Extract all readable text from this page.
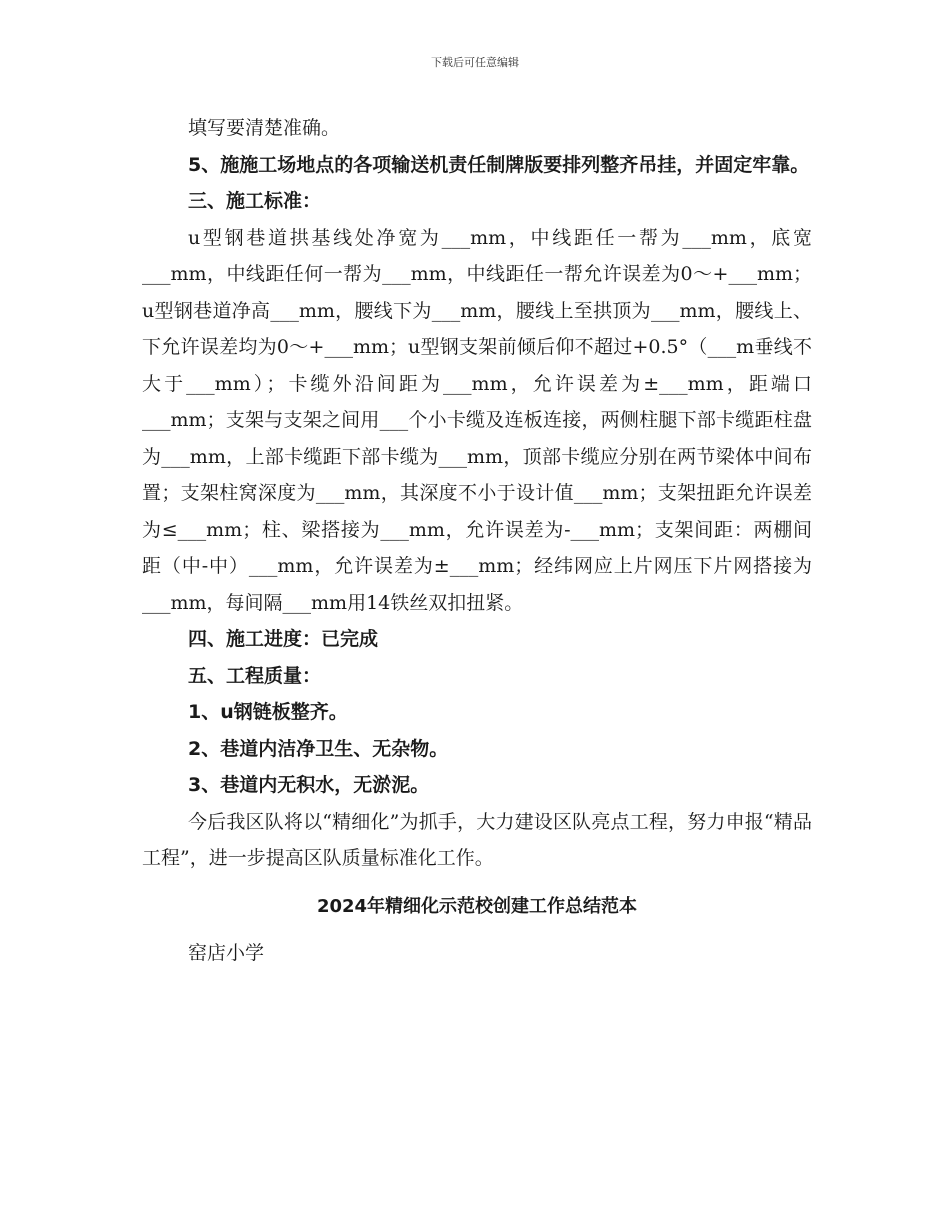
下载后可任意编辑

填写要清楚准确。

5、施施工场地点的各项输送机责任制牌版要排列整齐吊挂，并固定牢靠。

三、施工标准：

u型钢巷道拱基线处净宽为___mm，中线距任一帮为___mm，底宽___mm，中线距任何一帮为___mm，中线距任一帮允许误差为0～+___mm；u型钢巷道净高___mm，腰线下为___mm，腰线上至拱顶为___mm，腰线上、下允许误差均为0～+___mm；u型钢支架前倾后仰不超过+0.5°（___m垂线不大于___mm）；卡缆外沿间距为___mm，允许误差为±___mm，距端口___mm；支架与支架之间用___个小卡缆及连板连接，两侧柱腿下部卡缆距柱盘为___mm，上部卡缆距下部卡缆为___mm，顶部卡缆应分别在两节梁体中间布置；支架柱窝深度为___mm，其深度不小于设计值___mm；支架扭距允许误差为≤___mm；柱、梁搭接为___mm，允许误差为-___mm；支架间距：两棚间距（中-中）___mm，允许误差为±___mm；经纬网应上片网压下片网搭接为___mm，每间隔___mm用14铁丝双扣扭紧。

四、施工进度：已完成

五、工程质量：

1、u钢链板整齐。

2、巷道内洁净卫生、无杂物。

3、巷道内无积水，无淤泥。

今后我区队将以“精细化”为抓手，大力建设区队亮点工程，努力申报“精品工程”，进一步提高区队质量标准化工作。

2024年精细化示范校创建工作总结范本

窑店小学
